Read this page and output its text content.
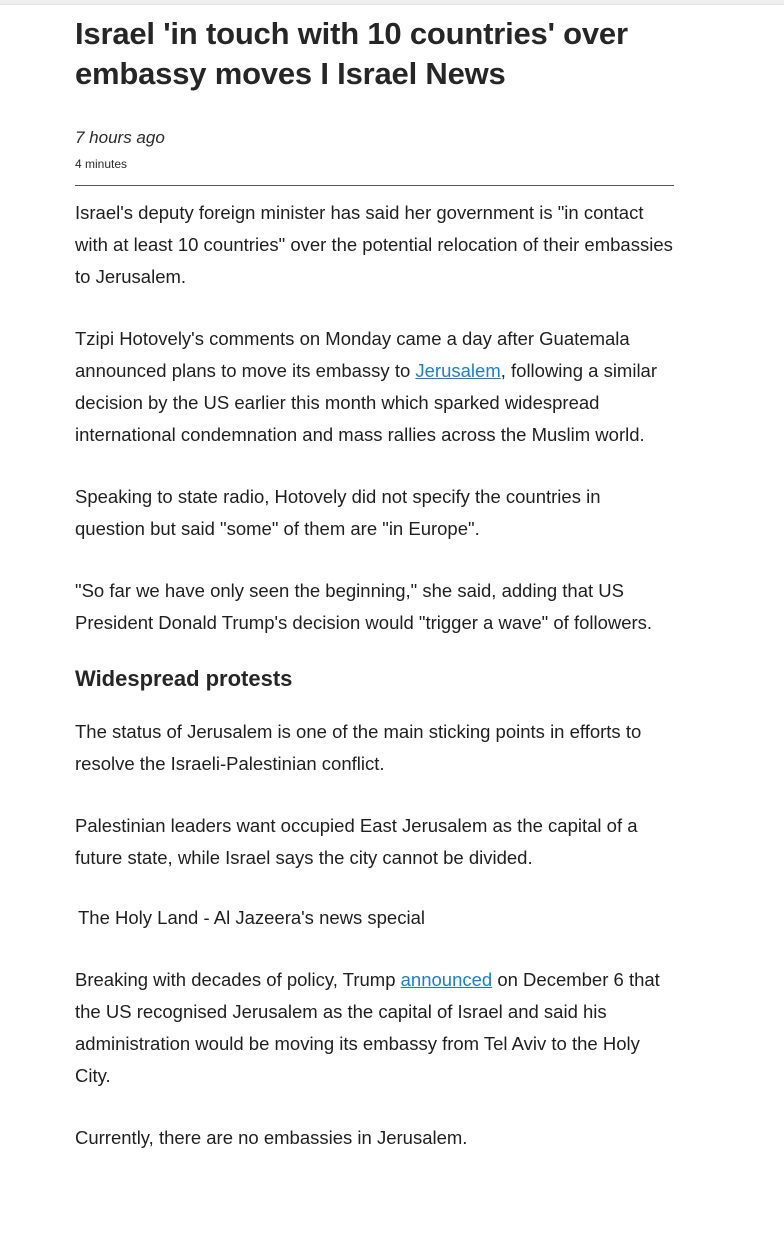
Israel 'in touch with 10 countries' over embassy moves I Israel News
7 hours ago
4 minutes

Israel's deputy foreign minister has said her government is "in contact with at least 10 countries" over the potential relocation of their embassies to Jerusalem.

Tzipi Hotovely's comments on Monday came a day after Guatemala announced plans to move its embassy to Jerusalem, following a similar decision by the US earlier this month which sparked widespread international condemnation and mass rallies across the Muslim world.

Speaking to state radio, Hotovely did not specify the countries in question but said "some" of them are "in Europe".

"So far we have only seen the beginning," she said, adding that US President Donald Trump's decision would "trigger a wave" of followers.

Widespread protests

The status of Jerusalem is one of the main sticking points in efforts to resolve the Israeli-Palestinian conflict.

Palestinian leaders want occupied East Jerusalem as the capital of a future state, while Israel says the city cannot be divided.

The Holy Land - Al Jazeera's news special

Breaking with decades of policy, Trump announced on December 6 that the US recognised Jerusalem as the capital of Israel and said his administration would be moving its embassy from Tel Aviv to the Holy City.

Currently, there are no embassies in Jerusalem.
